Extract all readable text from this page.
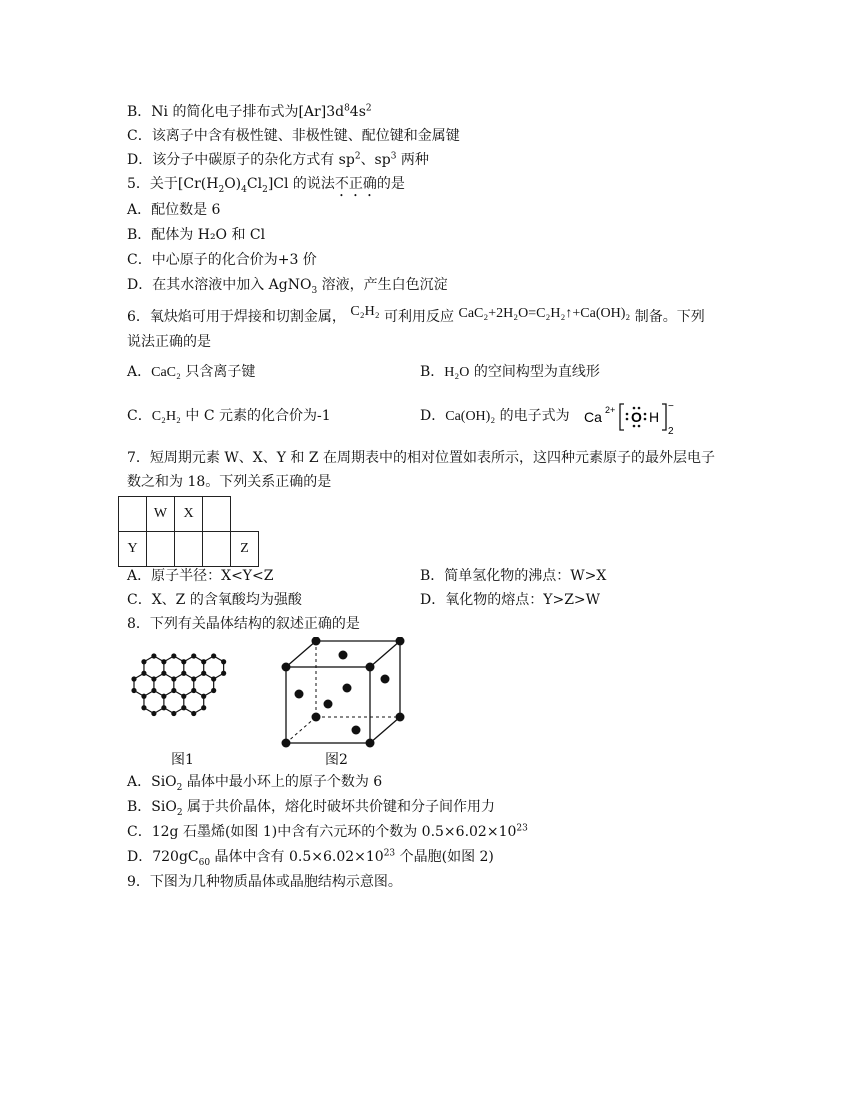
B．Ni 的简化电子排布式为$[Ar]3d^84s^2$
C．该离子中含有极性键、非极性键、配位键和金属键
D．该分子中碳原子的杂化方式有 $sp^2$、$sp^3$ 两种
5．关于$[Cr(H_2O)_4Cl_2]Cl$ 的说法不正确的是
A．配位数是 6
B．配体为 H₂O 和 Cl
C．中心原子的化合价为+3 价
D．在其水溶液中加入 AgNO$_3$ 溶液，产生白色沉淀
6．氧炔焰可用于焊接和切割金属， C₂H₂ 可利用反应 CaC₂+2H₂O=C₂H₂↑+Ca(OH)₂ 制备。下列
说法正确的是
A．CaC₂ 只含离子键	B．H₂O 的空间构型为直线形
C．C₂H₂ 中 C 元素的化合价为-1	D．Ca(OH)₂ 的电子式为 Ca 2+ O H
−
2
7．短周期元素 W、X、Y 和 Z 在周期表中的相对位置如表所示，这四种元素原子的最外层电子
数之和为 18。下列关系正确的是
	W	X		
Y				Z
A．原子半径：X<Y<Z	B．简单氢化物的沸点：W>X
C．X、Z 的含氧酸均为强酸	D．氧化物的熔点：Y>Z>W
8．下列有关晶体结构的叙述正确的是
图1	图2
A．SiO$_2$ 晶体中最小环上的原子个数为 6
B．SiO$_2$ 属于共价晶体，熔化时破坏共价键和分子间作用力
C．12g 石墨烯(如图 1)中含有六元环的个数为 $0.5\times 6.02\times 10^{23}$
D．$720gC_{60}$ 晶体中含有 $0.5\times 6.02\times 10^{23}$ 个晶胞(如图 2)
9．下图为几种物质晶体或晶胞结构示意图。
